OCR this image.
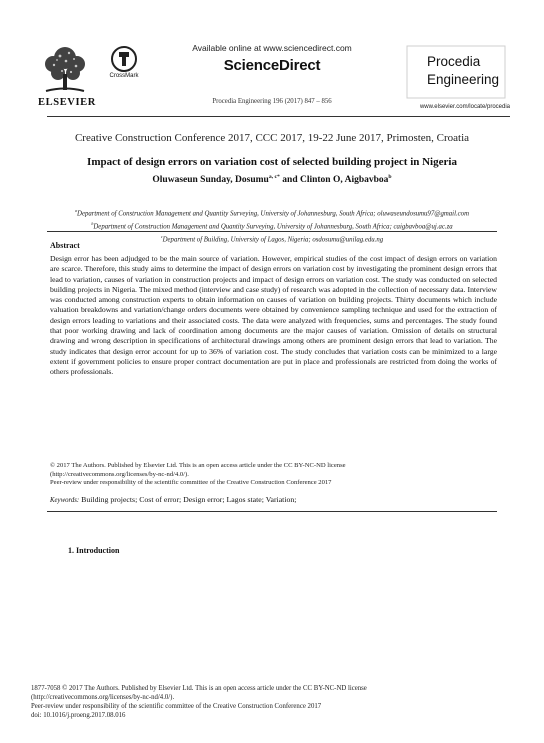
ELSEVIER
CrossMark
Available online at www.sciencedirect.com
ScienceDirect
Procedia Engineering 196 (2017) 847 – 856
Procedia
Engineering
www.elsevier.com/locate/procedia
Creative Construction Conference 2017, CCC 2017, 19-22 June 2017, Primosten, Croatia
Impact of design errors on variation cost of selected building project in Nigeria
Oluwaseun Sunday, Dosumu$^{a, c*}$ and Clinton O, Aigbavboa$^b$
$^a$Department of Construction Management and Quantity Surveying, University of Johannesburg, South Africa; oluwaseundosumu97@gmail.com
$^b$Department of Construction Management and Quantity Surveying, University of Johannesburg, South Africa; caigbavboa@uj.ac.za
$^c$Department of Building, University of Lagos, Nigeria; osdosumu@unilag.edu.ng
Abstract
Design error has been adjudged to be the main source of variation. However, empirical studies of the cost impact of design errors on variation are scarce. Therefore, this study aims to determine the impact of design errors on variation cost by investigating the prominent design errors that lead to variation, causes of variation in construction projects and impact of design errors on variation cost. The study was conducted on selected building projects in Nigeria. The mixed method (interview and case study) of research was adopted in the collection of necessary data. Interview was conducted among construction experts to obtain information on causes of variation on building projects. Thirty documents which include valuation breakdowns and variation/change orders documents were obtained by convenience sampling technique and used for the extraction of design errors leading to variations and their associated costs. The data were analyzed with frequencies, sums and percentages. The study found that poor working drawing and lack of coordination among documents are the major causes of variation. Omission of details on structural drawing and wrong description in specifications of architectural drawings among others are prominent design errors that lead to variation. The study indicates that design error account for up to 36% of variation cost. The study concludes that variation costs can be minimized to a large extent if government policies to ensure proper contract documentation are put in place and professionals are restricted from doing the works of others professionals.
© 2017 The Authors. Published by Elsevier Ltd. This is an open access article under the CC BY-NC-ND license
(http://creativecommons.org/licenses/by-nc-nd/4.0/).
Peer-review under responsibility of the scientific committee of the Creative Construction Conference 2017
Keywords: Building projects; Cost of error; Design error; Lagos state; Variation;
1. Introduction
1877-7058 © 2017 The Authors. Published by Elsevier Ltd. This is an open access article under the CC BY-NC-ND license
(http://creativecommons.org/licenses/by-nc-nd/4.0/).
Peer-review under responsibility of the scientific committee of the Creative Construction Conference 2017
doi: 10.1016/j.proeng.2017.08.016
